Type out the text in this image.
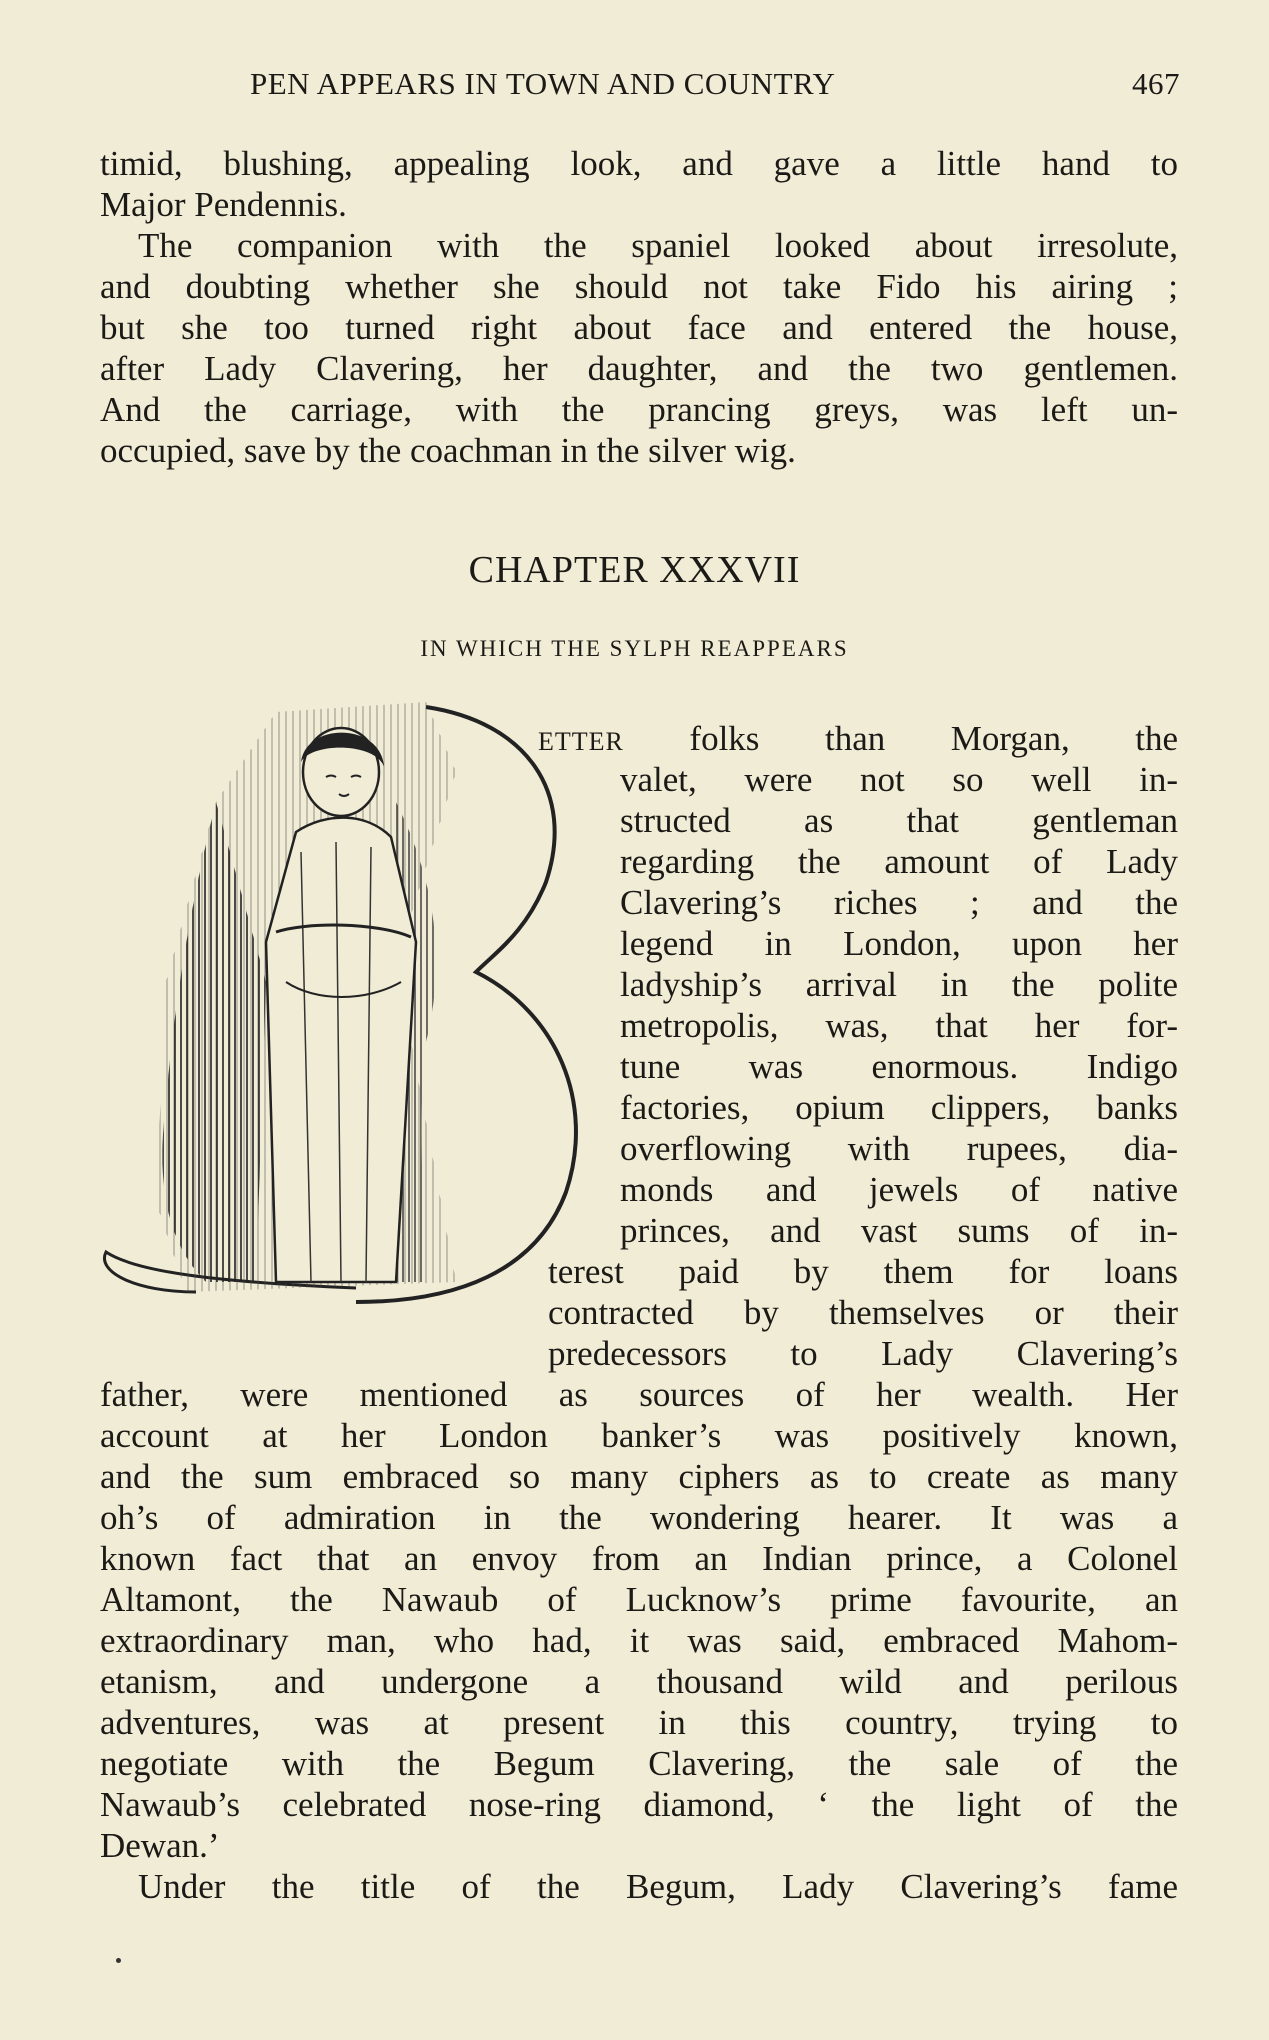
PEN APPEARS IN TOWN AND COUNTRY	467
timid, blushing, appealing look, and gave a little hand to
Major Pendennis.
The companion with the spaniel looked about irresolute,
and doubting whether she should not take Fido his airing ;
but she too turned right about face and entered the house,
after Lady Clavering, her daughter, and the two gentlemen.
And the carriage, with the prancing greys, was left un-
occupied, save by the coachman in the silver wig.
CHAPTER XXXVII
IN WHICH THE SYLPH REAPPEARS
ETTER folks than Morgan, the
valet, were not so well in-
structed as that gentleman
regarding the amount of Lady
Clavering’s riches ; and the
legend in London, upon her
ladyship’s arrival in the polite
metropolis, was, that her for-
tune was enormous. Indigo
factories, opium clippers, banks
overflowing with rupees, dia-
monds and jewels of native
princes, and vast sums of in-
terest paid by them for loans
contracted by themselves or their
predecessors to Lady Clavering’s
father, were mentioned as sources of her wealth. Her
account at her London banker’s was positively known,
and the sum embraced so many ciphers as to create as many
oh’s of admiration in the wondering hearer. It was a
known fact that an envoy from an Indian prince, a Colonel
Altamont, the Nawaub of Lucknow’s prime favourite, an
extraordinary man, who had, it was said, embraced Mahom-
etanism, and undergone a thousand wild and perilous
adventures, was at present in this country, trying to
negotiate with the Begum Clavering, the sale of the
Nawaub’s celebrated nose-ring diamond, ‘ the light of the
Dewan.’
Under the title of the Begum, Lady Clavering’s fame
